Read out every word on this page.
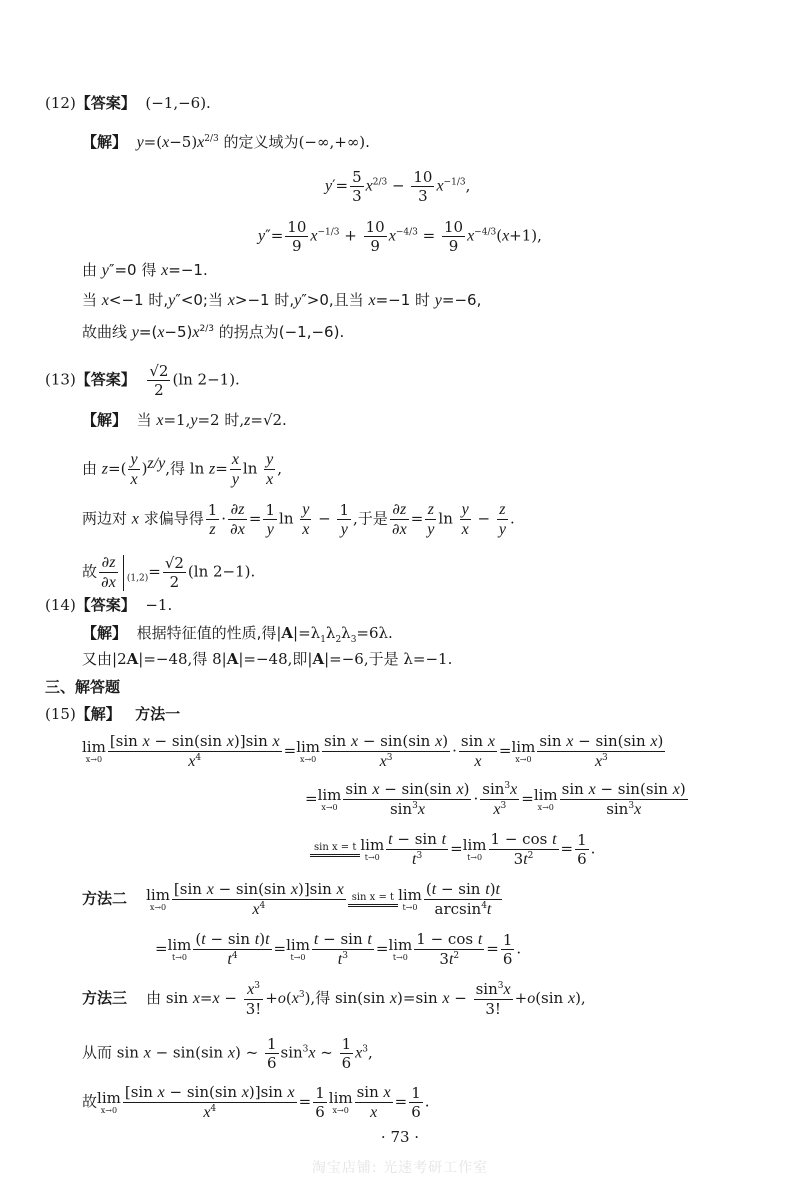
(12)【答案】  (−1,−6).
【解】 $y=(x-5)x^{2/3}$ 的定义域为(−∞,+∞).
$y'= \frac{5}{3} x^{2/3} - \frac{10}{3} x^{-1/3}$,
$y''= \frac{10}{9} x^{-1/3} + \frac{10}{9} x^{-4/3} = \frac{10}{9} x^{-4/3}(x+1)$,
由 y″=0 得 x=−1.
当 x<−1 时,y″<0;当 x>−1 时,y″>0,且当 x=−1 时 y=−6,
故曲线 $y=(x-5)x^{2/3}$ 的拐点为(−1,−6).
(13)【答案】 $\frac{√2}{2} (\ln$ 2−1).
【解】 当 x=1,y=2 时,z=√2.
由 $z=( \frac{y}{x} )^{z/y}$,得 $\ln z= \frac{x}{y}$ $\ln \frac{y}{x}$ ,
两边对 x 求偏导得 $\frac{1}{z} \cdot \frac{\partial z}{\partial x} = \frac{1}{y}$ $\ln \frac{y}{x} - \frac{1}{y}$ ,于是 $\frac{\partial z}{\partial x} = \frac{z}{y}$ $\ln \frac{y}{x} - \frac{z}{y}$ .
故 $\frac{\partial z}{\partial x} _{(1,2)}= \frac{√2}{2} (\ln$ 2−1).
(14)【答案】 −1.
【解】 根据特征值的性质,得$|A|=\lambda_1\lambda_2\lambda_3=6\lambda$.
又由|2A|=−48,得 8|A|=−48,即|A|=−6,于是 λ=−1.
三、解答题
(15)【解】 方法一
lim
$x\to 0 \frac{\text{[sin x − sin(sin x)]sin x}}{x^4} =\lim$
$x\to 0 \frac{\text{sin x − sin(sin x)}}{x^3} \cdot \frac{\text{sin x}}{x} =\lim$
$x\to 0 \frac{\text{sin x − sin(sin x)}}{x^3}$
=lim
$x\to 0 \frac{\text{sin x − sin(sin x)}}{\sin^3x} \cdot \frac{\sin^3x}{x^3} =\lim$
$x\to 0 \frac{\text{sin x − sin(sin x)}}{\sin^3x}$
sin x = t lim
$t\to 0 \frac{\text{t − sin t}}{t^3} =\lim$
$t\to 0 \frac{\text{1 − cos t}}{3t^2} = \frac{1}{6}$ .
方法二 lim
$x\to 0 \frac{\text{[sin x − sin(sin x)]sin x}}{x^4}$ sin x = t lim
$t\to 0 \frac{\text{(t − sin t)t}}{\arcsin^4t}$
=lim
$t\to 0 \frac{\text{(t − sin t)t}}{t^4} =\lim$
$t\to 0 \frac{\text{t − sin t}}{t^3} =\lim$
$t\to 0 \frac{\text{1 − cos t}}{3t^2} = \frac{1}{6}$ .
方法三 由 $\sin x=x - \frac{x^3}{3!} +o(x^3)$,得 sin(sin x)=sin $x - \frac{\sin^3x}{3!} +o(\sin$ x),
从而 sin x − sin(sin x) ~ $\frac{1}{6} \sin^3x$ ~ $\frac{1}{6} x^3$,
故lim
$x\to 0 \frac{\text{[sin x − sin(sin x)]sin x}}{x^4} = \frac{1}{6}$ lim
$x\to 0 \frac{\text{sin x}}{x} = \frac{1}{6}$ .
· 73 ·
淘宝店铺: 光速考研工作室
